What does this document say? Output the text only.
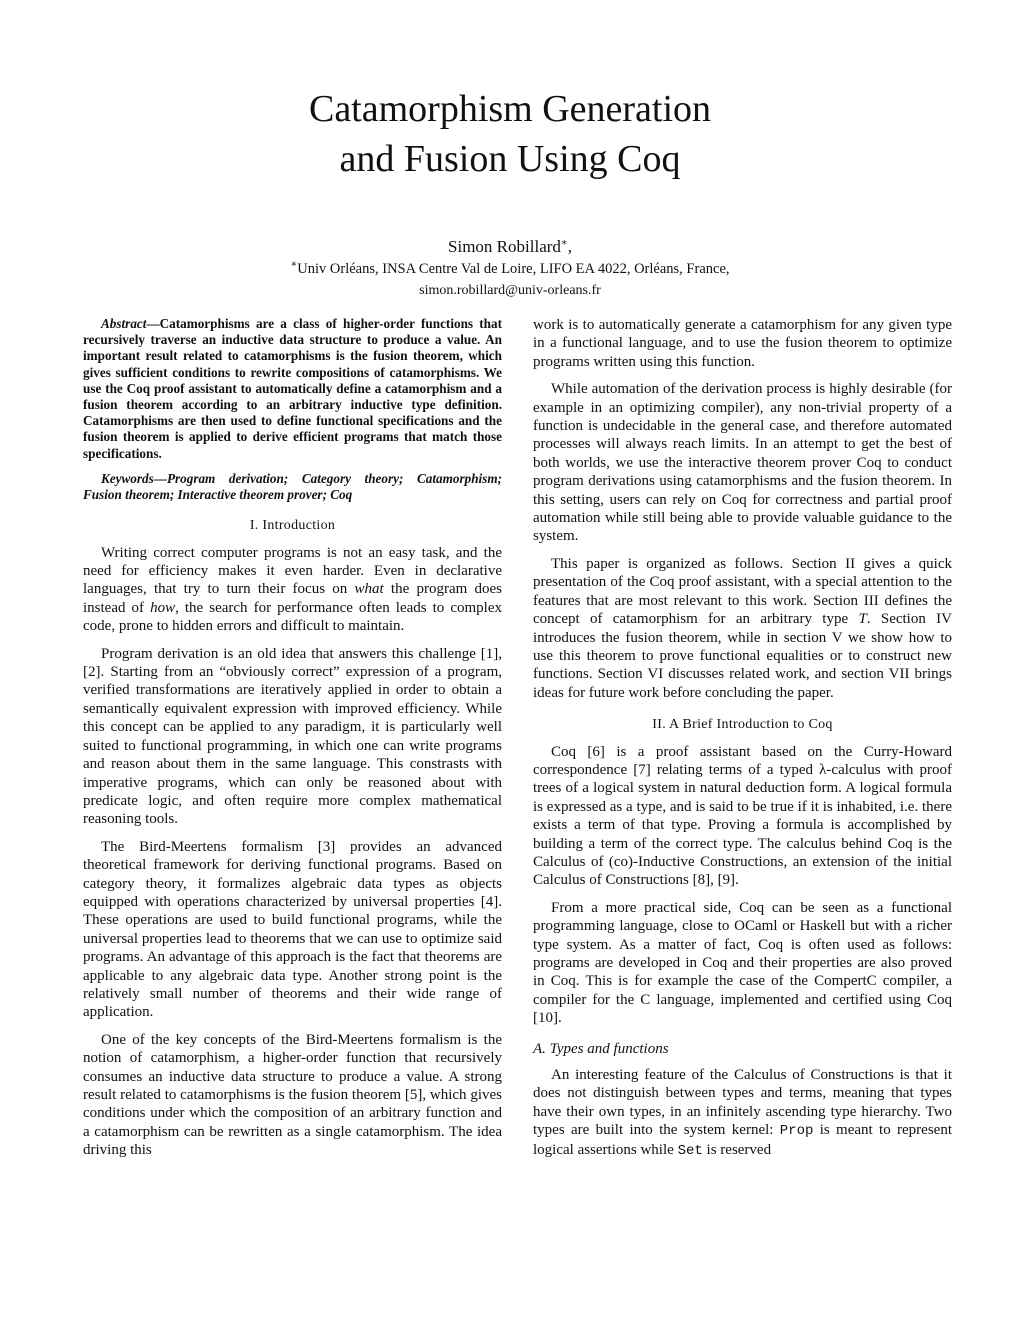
Catamorphism Generation
and Fusion Using Coq
Simon Robillard∗,
∗Univ Orléans, INSA Centre Val de Loire, LIFO EA 4022, Orléans, France,
simon.robillard@univ-orleans.fr

Abstract—Catamorphisms are a class of higher-order functions that recursively traverse an inductive data structure to produce a value. An important result related to catamorphisms is the fusion theorem, which gives sufficient conditions to rewrite compositions of catamorphisms. We use the Coq proof assistant to automatically define a catamorphism and a fusion theorem according to an arbitrary inductive type definition. Catamorphisms are then used to define functional specifications and the fusion theorem is applied to derive efficient programs that match those specifications.

Keywords—Program derivation; Category theory; Catamorphism; Fusion theorem; Interactive theorem prover; Coq

I. Introduction

Writing correct computer programs is not an easy task, and the need for efficiency makes it even harder. Even in declarative languages, that try to turn their focus on what the program does instead of how, the search for performance often leads to complex code, prone to hidden errors and difficult to maintain.

Program derivation is an old idea that answers this challenge [1], [2]. Starting from an “obviously correct” expression of a program, verified transformations are iteratively applied in order to obtain a semantically equivalent expression with improved efficiency. While this concept can be applied to any paradigm, it is particularly well suited to functional programming, in which one can write programs and reason about them in the same language. This constrasts with imperative programs, which can only be reasoned about with predicate logic, and often require more complex mathematical reasoning tools.

The Bird-Meertens formalism [3] provides an advanced theoretical framework for deriving functional programs. Based on category theory, it formalizes algebraic data types as objects equipped with operations characterized by universal properties [4]. These operations are used to build functional programs, while the universal properties lead to theorems that we can use to optimize said programs. An advantage of this approach is the fact that theorems are applicable to any algebraic data type. Another strong point is the relatively small number of theorems and their wide range of application.

One of the key concepts of the Bird-Meertens formalism is the notion of catamorphism, a higher-order function that recursively consumes an inductive data structure to produce a value. A strong result related to catamorphisms is the fusion theorem [5], which gives conditions under which the composition of an arbitrary function and a catamorphism can be rewritten as a single catamorphism. The idea driving this

work is to automatically generate a catamorphism for any given type in a functional language, and to use the fusion theorem to optimize programs written using this function.

While automation of the derivation process is highly desirable (for example in an optimizing compiler), any non-trivial property of a function is undecidable in the general case, and therefore automated processes will always reach limits. In an attempt to get the best of both worlds, we use the interactive theorem prover Coq to conduct program derivations using catamorphisms and the fusion theorem. In this setting, users can rely on Coq for correctness and partial proof automation while still being able to provide valuable guidance to the system.

This paper is organized as follows. Section II gives a quick presentation of the Coq proof assistant, with a special attention to the features that are most relevant to this work. Section III defines the concept of catamorphism for an arbitrary type T. Section IV introduces the fusion theorem, while in section V we show how to use this theorem to prove functional equalities or to construct new functions. Section VI discusses related work, and section VII brings ideas for future work before concluding the paper.

II. A Brief Introduction to Coq

Coq [6] is a proof assistant based on the Curry-Howard correspondence [7] relating terms of a typed λ-calculus with proof trees of a logical system in natural deduction form. A logical formula is expressed as a type, and is said to be true if it is inhabited, i.e. there exists a term of that type. Proving a formula is accomplished by building a term of the correct type. The calculus behind Coq is the Calculus of (co)-Inductive Constructions, an extension of the initial Calculus of Constructions [8], [9].

From a more practical side, Coq can be seen as a functional programming language, close to OCaml or Haskell but with a richer type system. As a matter of fact, Coq is often used as follows: programs are developed in Coq and their properties are also proved in Coq. This is for example the case of the CompertC compiler, a compiler for the C language, implemented and certified using Coq [10].

A. Types and functions

An interesting feature of the Calculus of Constructions is that it does not distinguish between types and terms, meaning that types have their own types, in an infinitely ascending type hierarchy. Two types are built into the system kernel: Prop is meant to represent logical assertions while Set is reserved
